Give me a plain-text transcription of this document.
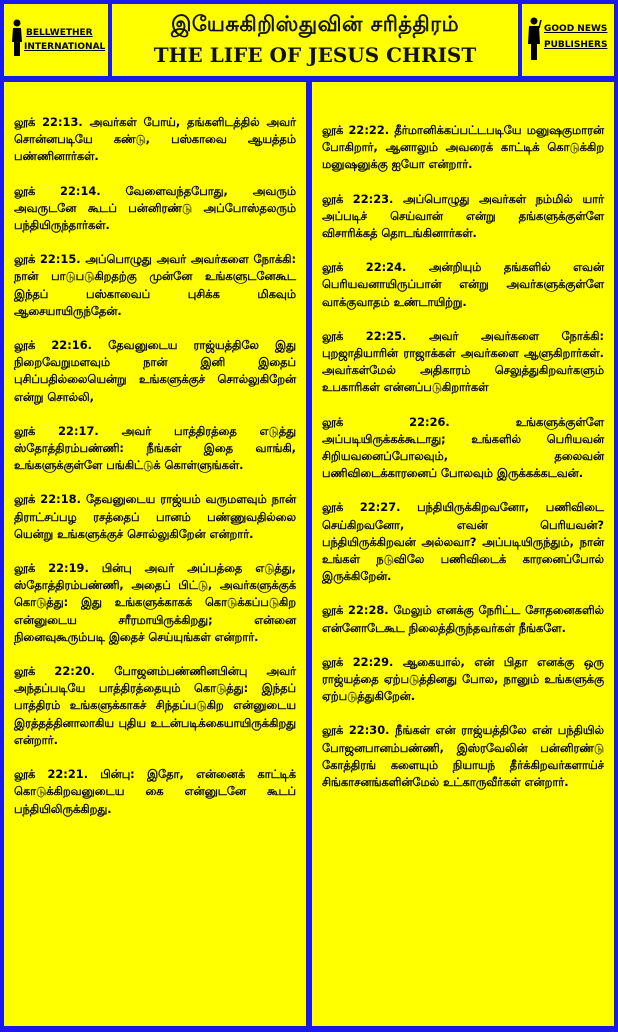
BELLWETHER
INTERNATIONAL
இயேசுகிறிஸ்துவின் சரித்திரம்
THE LIFE OF JESUS CHRIST
GOOD NEWS
PUBLISHERS

லூக் 22:13. அவர்கள் போய், தங்களிடத்தில் அவர் சொன்னபடியே கண்டு, பஸ்காவை ஆயத்தம் பண்ணினார்கள்.

லூக் 22:14. வேளைவந்தபோது, அவரும் அவருடனே கூடப் பன்னிரண்டு அப்போஸ்தலரும் பந்தியிருந்தார்கள்.

லூக் 22:15. அப்பொழுது அவர் அவர்களை நோக்கி: நான் பாடுபடுகிறதற்கு முன்னே உங்களுடனேகூட இந்தப் பஸ்காவைப் புசிக்க மிகவும் ஆசையாயிருந்தேன்.

லூக் 22:16. தேவனுடைய ராஜ்யத்திலே இது நிறைவேறுமளவும் நான் இனி இதைப் புசிப்பதில்லையென்று உங்களுக்குச் சொல்லுகிறேன் என்று சொல்லி,

லூக் 22:17. அவர் பாத்திரத்தை எடுத்து ஸ்தோத்திரம்பண்ணி: நீங்கள் இதை வாங்கி, உங்களுக்குள்ளே பங்கிட்டுக் கொள்ளுங்கள்.

லூக் 22:18. தேவனுடைய ராஜ்யம் வருமளவும் நான் திராட்சப்பழ ரசத்தைப் பானம் பண்ணுவதில்லை யென்று உங்களுக்குச் சொல்லுகிறேன் என்றார்.

லூக் 22:19. பின்பு அவர் அப்பத்தை எடுத்து, ஸ்தோத்திரம்பண்ணி, அதைப் பிட்டு, அவர்களுக்குக் கொடுத்து: இது உங்களுக்காகக் கொடுக்கப்படுகிற என்னுடைய சரீரமாயிருக்கிறது; என்னை நினைவுகூரும்படி இதைச் செய்யுங்கள் என்றார்.

லூக் 22:20. போஜனம்பண்ணினபின்பு அவர் அந்தப்படியே பாத்திரத்தையும் கொடுத்து: இந்தப் பாத்திரம் உங்களுக்காகச் சிந்தப்படுகிற என்னுடைய இரத்தத்தினாலாகிய புதிய உடன்படிக்கையாயிருக்கிறது என்றார்.

லூக் 22:21. பின்பு: இதோ, என்னைக் காட்டிக் கொடுக்கிறவனுடைய கை என்னுடனே கூடப் பந்தியிலிருக்கிறது.

லூக் 22:22. தீர்மானிக்கப்பட்டபடியே மனுஷகுமாரன் போகிறார், ஆனாலும் அவரைக் காட்டிக் கொடுக்கிற மனுஷனுக்கு ஐயோ என்றார்.

லூக் 22:23. அப்பொழுது அவர்கள் நம்மில் யார் அப்படிச் செய்வான் என்று தங்களுக்குள்ளே விசாரிக்கத் தொடங்கினார்கள்.

லூக் 22:24. அன்றியும் தங்களில் எவன் பெரியவனாயிருப்பான் என்று அவர்களுக்குள்ளே வாக்குவாதம் உண்டாயிற்று.

லூக் 22:25. அவர் அவர்களை நோக்கி: புறஜாதியாரின் ராஜாக்கள் அவர்களை ஆளுகிறார்கள். அவர்கள்மேல் அதிகாரம் செலுத்துகிறவர்களும் உபகாரிகள் என்னப்படுகிறார்கள்

லூக் 22:26. உங்களுக்குள்ளே அப்படியிருக்கக்கூடாது; உங்களில் பெரியவன் சிறியவனைப்போலவும், தலைவன் பணிவிடைக்காரனைப் போலவும் இருக்கக்கடவன்.

லூக் 22:27. பந்தியிருக்கிறவனோ, பணிவிடை செய்கிறவனோ, எவன் பெரியவன்? பந்தியிருக்கிறவன் அல்லவா? அப்படியிருந்தும், நான் உங்கள் நடுவிலே பணிவிடைக் காரனைப்போல் இருக்கிறேன்.

லூக் 22:28. மேலும் எனக்கு நேரிட்ட சோதனைகளில் என்னோடேகூட நிலைத்திருந்தவர்கள் நீங்களே.

லூக் 22:29. ஆகையால், என் பிதா எனக்கு ஒரு ராஜ்யத்தை ஏற்படுத்தினது போல, நானும் உங்களுக்கு ஏற்படுத்துகிறேன்.

லூக் 22:30. நீங்கள் என் ராஜ்யத்திலே என் பந்தியில் போஜனபானம்பண்ணி, இஸ்ரவேலின் பன்னிரண்டு கோத்திரங் களையும் நியாயந் தீர்க்கிறவர்களாய்ச் சிங்காசனங்களின்மேல் உட்காருவீர்கள் என்றார்.
